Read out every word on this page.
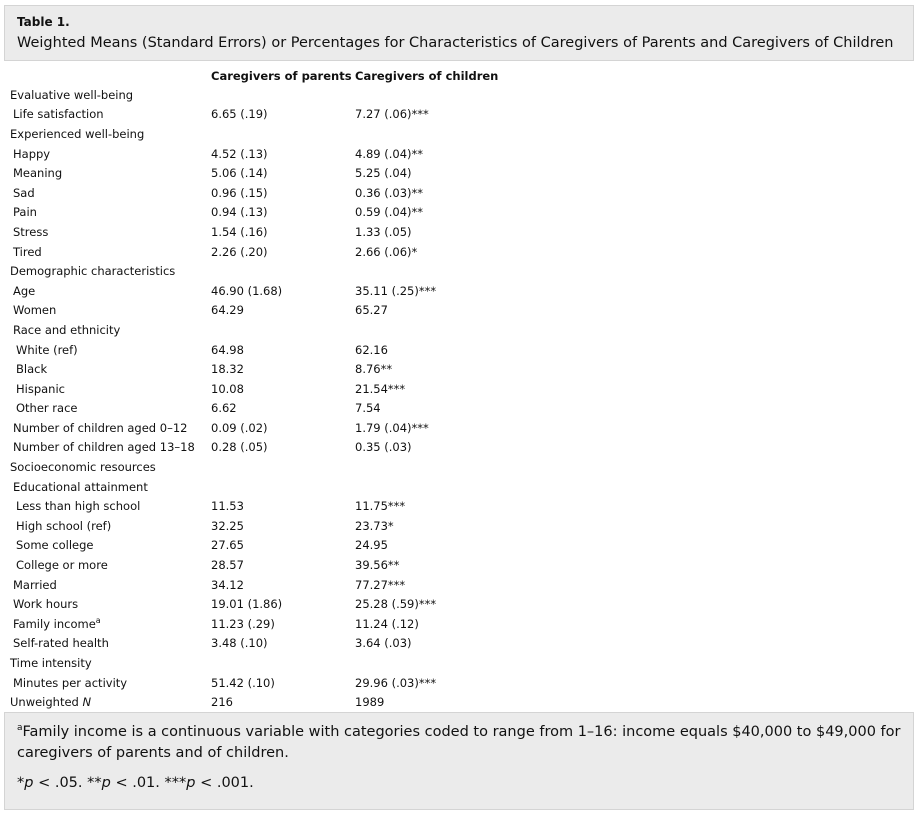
Table 1.
Weighted Means (Standard Errors) or Percentages for Characteristics of Caregivers of Parents and Caregivers of Children
	Caregivers of parents	Caregivers of children
Evaluative well-being		
Life satisfaction	6.65 (.19)	7.27 (.06)***
Experienced well-being		
Happy	4.52 (.13)	4.89 (.04)**
Meaning	5.06 (.14)	5.25 (.04)
Sad	0.96 (.15)	0.36 (.03)**
Pain	0.94 (.13)	0.59 (.04)**
Stress	1.54 (.16)	1.33 (.05)
Tired	2.26 (.20)	2.66 (.06)*
Demographic characteristics		
Age	46.90 (1.68)	35.11 (.25)***
Women	64.29	65.27
Race and ethnicity		
White (ref)	64.98	62.16
Black	18.32	8.76**
Hispanic	10.08	21.54***
Other race	6.62	7.54
Number of children aged 0–12	0.09 (.02)	1.79 (.04)***
Number of children aged 13–18	0.28 (.05)	0.35 (.03)
Socioeconomic resources		
Educational attainment		
Less than high school	11.53	11.75***
High school (ref)	32.25	23.73*
Some college	27.65	24.95
College or more	28.57	39.56**
Married	34.12	77.27***
Work hours	19.01 (1.86)	25.28 (.59)***
Family income$^a$	11.23 (.29)	11.24 (.12)
Self-rated health	3.48 (.10)	3.64 (.03)
Time intensity		
Minutes per activity	51.42 (.10)	29.96 (.03)***
Unweighted N	216	1989

$^a$Family income is a continuous variable with categories coded to range from 1–16: income equals $40,000 to $49,000 for caregivers of parents and of children.

*p < .05. **p < .01. ***p < .001.
